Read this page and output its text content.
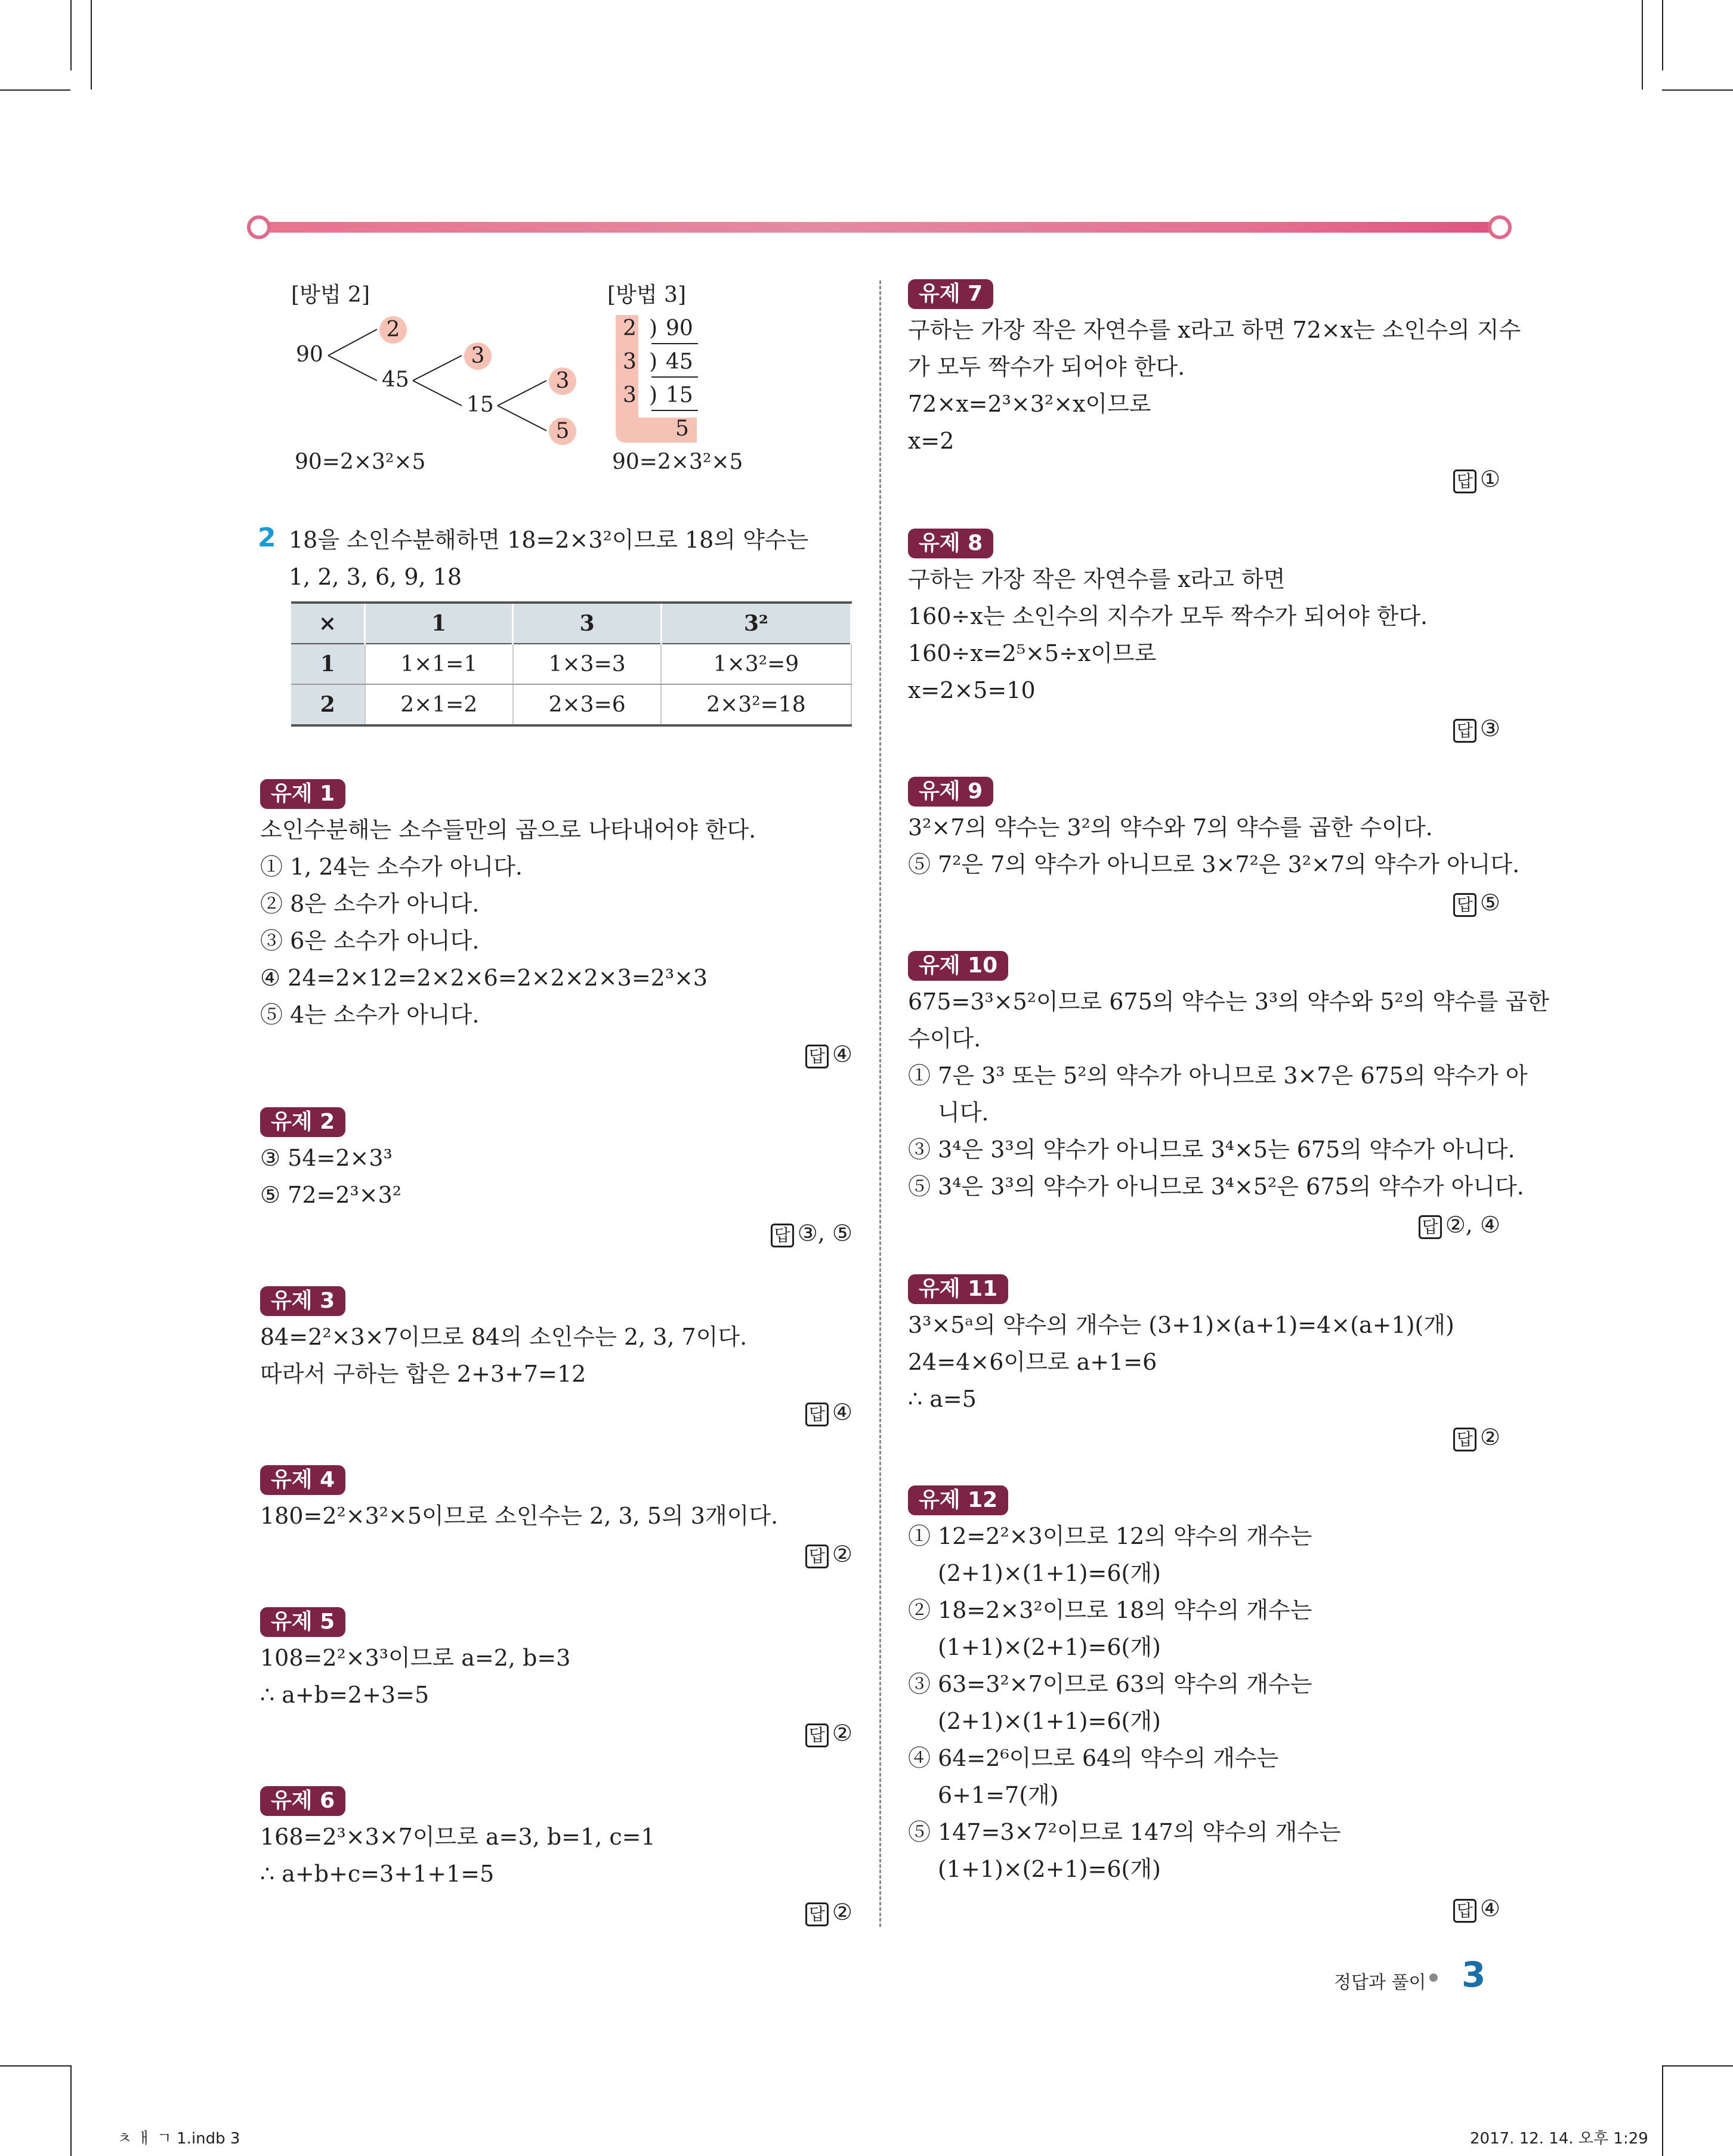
[방법 2]
90
2
45
3
15
3
5
90=2×3²×5
[방법 3]
2 ) 90
3 ) 45
3 ) 15
5
90=2×3²×5
2 18을 소인수분해하면 18=2×3²이므로 18의 약수는
1, 2, 3, 6, 9, 18
×	1	3	3²
1	1×1=1	1×3=3	1×3²=9
2	2×1=2	2×3=6	2×3²=18
유제 1
소인수분해는 소수들만의 곱으로 나타내어야 한다.
① 1, 24는 소수가 아니다.
② 8은 소수가 아니다.
③ 6은 소수가 아니다.
④ 24=2×12=2×2×6=2×2×2×3=2³×3
⑤ 4는 소수가 아니다.
답 ④
유제 2
③ 54=2×3³
⑤ 72=2³×3²
답 ③, ⑤
유제 3
84=2²×3×7이므로 84의 소인수는 2, 3, 7이다.
따라서 구하는 합은 2+3+7=12
답 ④
유제 4
180=2²×3²×5이므로 소인수는 2, 3, 5의 3개이다.
답 ②
유제 5
108=2²×3³이므로 a=2, b=3
∴ a+b=2+3=5
답 ②
유제 6
168=2³×3×7이므로 a=3, b=1, c=1
∴ a+b+c=3+1+1=5
답 ②
유제 7
구하는 가장 작은 자연수를 x라고 하면 72×x는 소인수의 지수
가 모두 짝수가 되어야 한다.
72×x=2³×3²×x이므로
x=2
답 ①
유제 8
구하는 가장 작은 자연수를 x라고 하면
160÷x는 소인수의 지수가 모두 짝수가 되어야 한다.
160÷x=2⁵×5÷x이므로
x=2×5=10
답 ③
유제 9
3²×7의 약수는 3²의 약수와 7의 약수를 곱한 수이다.
⑤ 7²은 7의 약수가 아니므로 3×7²은 3²×7의 약수가 아니다.
답 ⑤
유제 10
675=3³×5²이므로 675의 약수는 3³의 약수와 5²의 약수를 곱한
수이다.
① 7은 3³ 또는 5²의 약수가 아니므로 3×7은 675의 약수가 아
니다.
③ 3⁴은 3³의 약수가 아니므로 3⁴×5는 675의 약수가 아니다.
⑤ 3⁴은 3³의 약수가 아니므로 3⁴×5²은 675의 약수가 아니다.
답 ②, ④
유제 11
3³×5ᵃ의 약수의 개수는 (3+1)×(a+1)=4×(a+1)(개)
24=4×6이므로 a+1=6
∴ a=5
답 ②
유제 12
① 12=2²×3이므로 12의 약수의 개수는
(2+1)×(1+1)=6(개)
② 18=2×3²이므로 18의 약수의 개수는
(1+1)×(2+1)=6(개)
③ 63=3²×7이므로 63의 약수의 개수는
(2+1)×(1+1)=6(개)
④ 64=2⁶이므로 64의 약수의 개수는
6+1=7(개)
⑤ 147=3×7²이므로 147의 약수의 개수는
(1+1)×(2+1)=6(개)
답 ④
정답과 풀이 3
ㅊ ㅐ ㄱ 1.indb 3	2017. 12. 14. 오후 1:29
